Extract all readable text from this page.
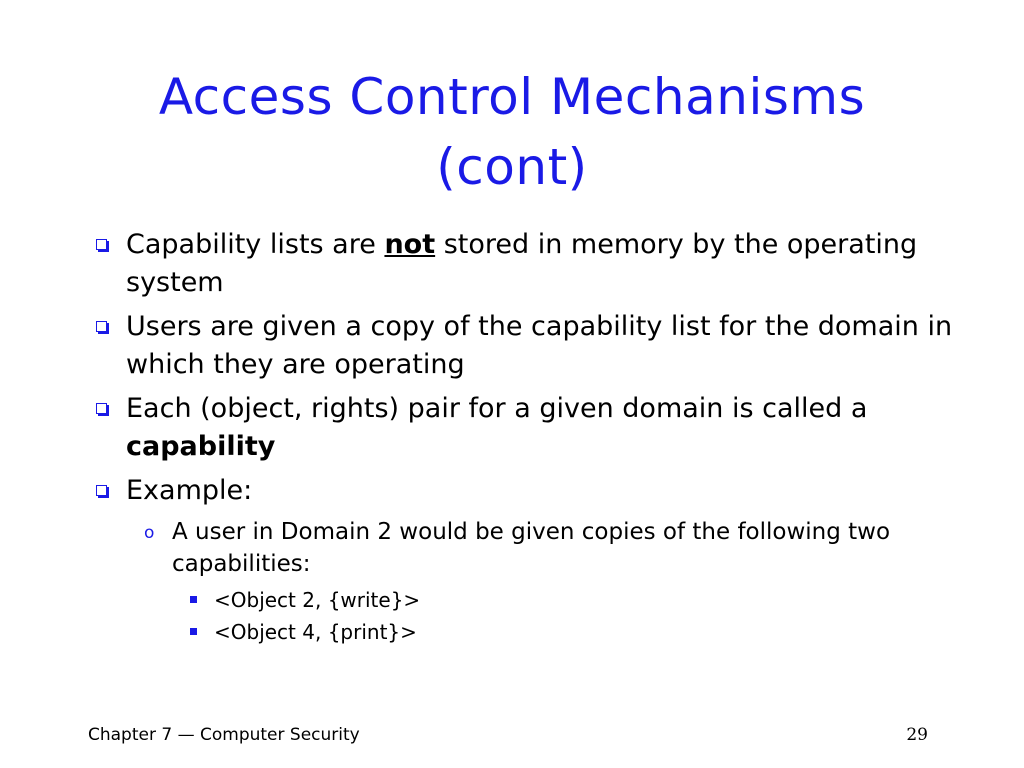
Access Control Mechanisms
(cont)
Capability lists are not stored in memory by the operating system
Users are given a copy of the capability list for the domain in which they are operating
Each (object, rights) pair for a given domain is called a capability
Example:
o A user in Domain 2 would be given copies of the following two capabilities:
<Object 2, {write}>
<Object 4, {print}>
Chapter 7 — Computer Security	29
